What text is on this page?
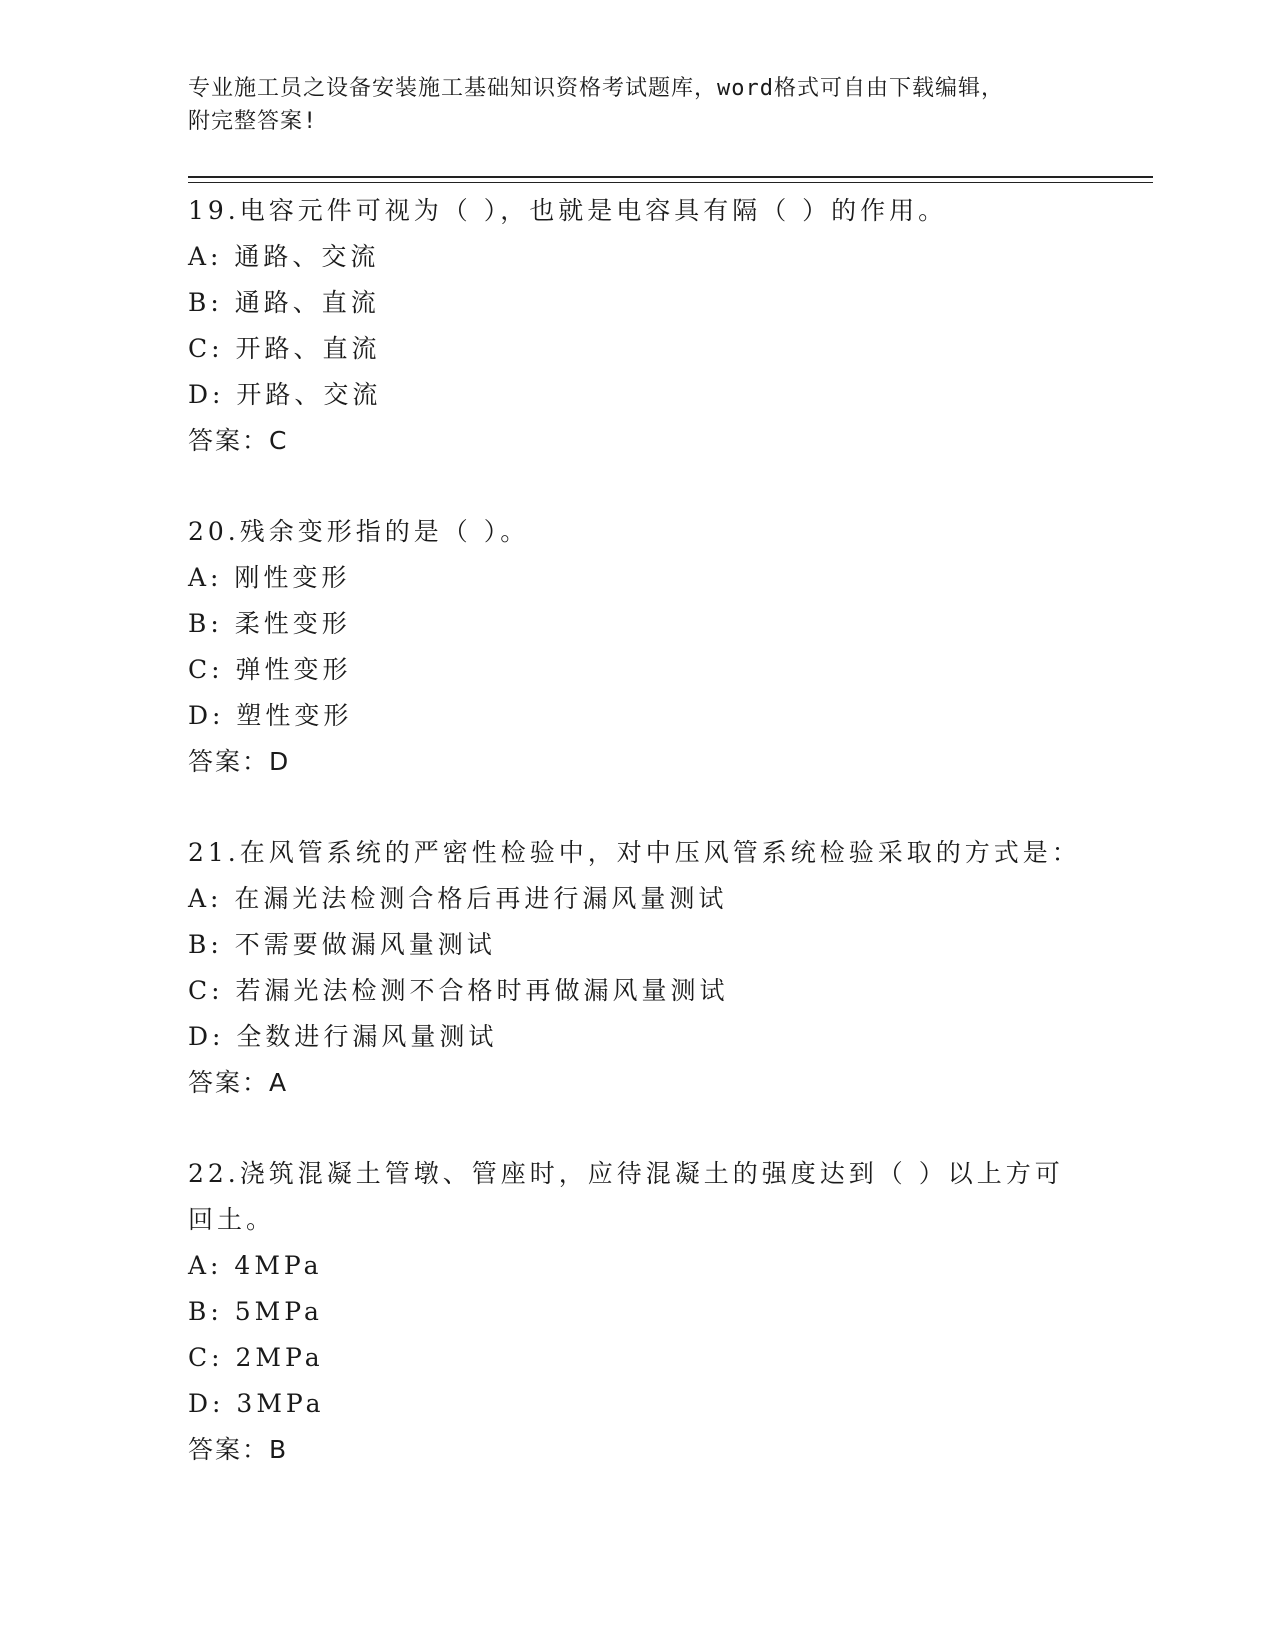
专业施工员之设备安装施工基础知识资格考试题库，word格式可自由下载编辑，
附完整答案!
19.电容元件可视为（ ），也就是电容具有隔（ ）的作用。
A: 通路、交流
B: 通路、直流
C: 开路、直流
D: 开路、交流
答案：C
20.残余变形指的是（ ）。
A: 刚性变形
B: 柔性变形
C: 弹性变形
D: 塑性变形
答案：D
21.在风管系统的严密性检验中，对中压风管系统检验采取的方式是：
A: 在漏光法检测合格后再进行漏风量测试
B: 不需要做漏风量测试
C: 若漏光法检测不合格时再做漏风量测试
D: 全数进行漏风量测试
答案：A
22.浇筑混凝土管墩、管座时，应待混凝土的强度达到（ ）以上方可回土。
A: 4MPa
B: 5MPa
C: 2MPa
D: 3MPa
答案：B
